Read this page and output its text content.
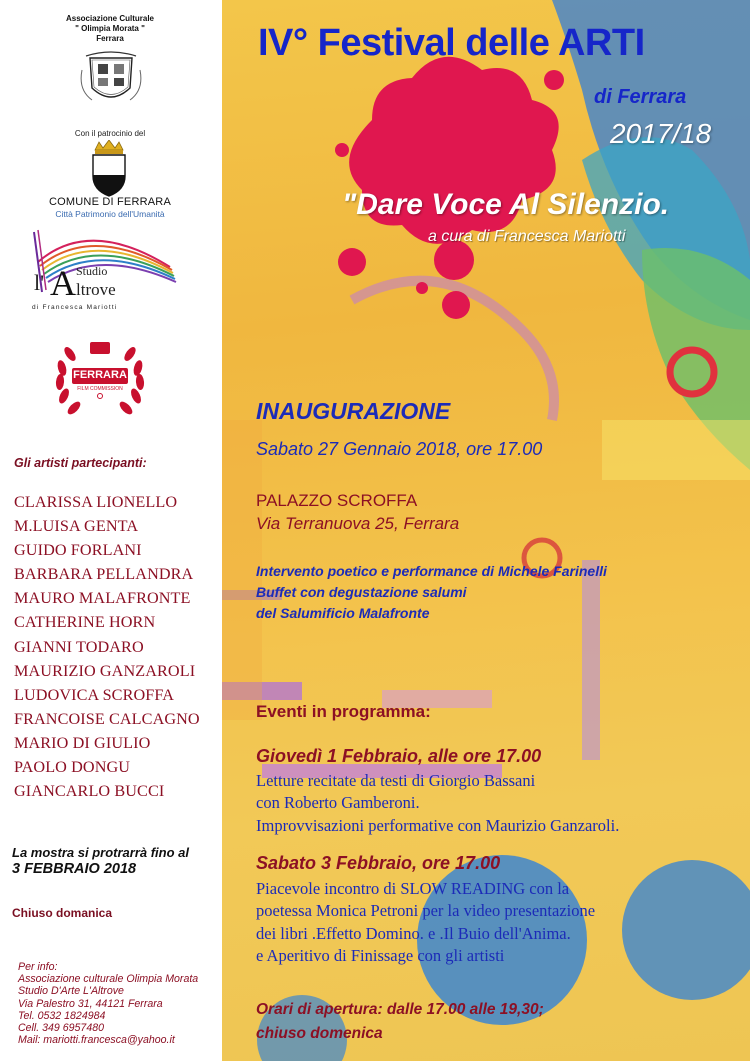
Associazione Culturale
" Olimpia Morata "
Ferrara
Con il patrocinio del
COMUNE DI FERRARA
Città Patrimonio dell'Umanità
Studio
l' A ltrove
di Francesca Mariotti
FERRARA
FILM COMMISSION
Gli artisti partecipanti:
CLARISSA LIONELLO
M.LUISA GENTA
GUIDO FORLANI
BARBARA PELLANDRA
MAURO MALAFRONTE
CATHERINE HORN
GIANNI TODARO
MAURIZIO GANZAROLI
LUDOVICA SCROFFA
FRANCOISE CALCAGNO
MARIO DI GIULIO
PAOLO DONGU
GIANCARLO BUCCI
La mostra si protrarrà fino al
3 FEBBRAIO 2018
Chiuso domanica
Per info:
Associazione culturale Olimpia Morata
Studio D'Arte L'Altrove
Via Palestro 31, 44121 Ferrara
Tel. 0532 1824984
Cell. 349 6957480
Mail: mariotti.francesca@yahoo.it
IV° Festival delle ARTI
di Ferrara
2017/18
"Dare Voce Al Silenzio.
a cura di Francesca Mariotti
INAUGURAZIONE
Sabato 27 Gennaio 2018, ore 17.00
PALAZZO SCROFFA
Via Terranuova 25, Ferrara
Intervento poetico e performance di Michele Farinelli
Buffet con degustazione salumi
del Salumificio Malafronte
Eventi in programma:
Giovedì 1 Febbraio, alle ore 17.00
Letture recitate da testi di Giorgio Bassani
con Roberto Gamberoni.
Improvvisazioni performative con Maurizio Ganzaroli.
Sabato 3 Febbraio, ore 17.00
Piacevole incontro di SLOW READING con la
poetessa Monica Petroni per la video presentazione
dei libri .Effetto Domino. e .Il Buio dell'Anima.
e Aperitivo di Finissage con gli artisti
Orari di apertura: dalle 17.00 alle 19,30;
chiuso domenica
